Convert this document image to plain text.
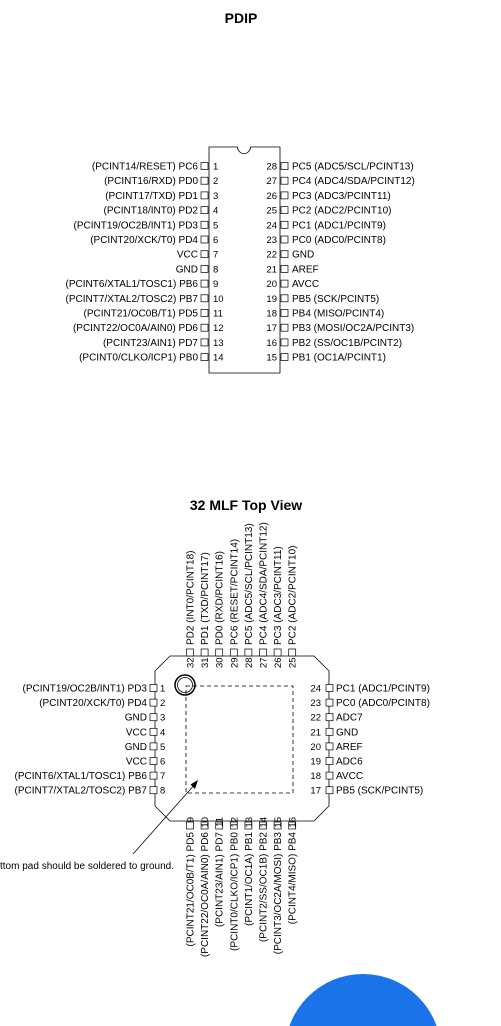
PDIP
(PCINT14/RESET) PC6 1
(PCINT16/RXD) PD0 2
(PCINT17/TXD) PD1 3
(PCINT18/INT0) PD2 4
(PCINT19/OC2B/INT1) PD3 5
(PCINT20/XCK/T0) PD4 6
VCC 7
GND 8
(PCINT6/XTAL1/TOSC1) PB6 9
(PCINT7/XTAL2/TOSC2) PB7 10
(PCINT21/OC0B/T1) PD5 11
(PCINT22/OC0A/AIN0) PD6 12
(PCINT23/AIN1) PD7 13
(PCINT0/CLKO/ICP1) PB0 14
28 PC5 (ADC5/SCL/PCINT13)
27 PC4 (ADC4/SDA/PCINT12)
26 PC3 (ADC3/PCINT11)
25 PC2 (ADC2/PCINT10)
24 PC1 (ADC1/PCINT9)
23 PC0 (ADC0/PCINT8)
22 GND
21 AREF
20 AVCC
19 PB5 (SCK/PCINT5)
18 PB4 (MISO/PCINT4)
17 PB3 (MOSI/OC2A/PCINT3)
16 PB2 (SS/OC1B/PCINT2)
15 PB1 (OC1A/PCINT1)
32 MLF Top View
(PCINT19/OC2B/INT1) PD3 1
(PCINT20/XCK/T0) PD4 2
GND 3
VCC 4
GND 5
VCC 6
(PCINT6/XTAL1/TOSC1) PB6 7
(PCINT7/XTAL2/TOSC2) PB7 8
24 PC1 (ADC1/PCINT9)
23 PC0 (ADC0/PCINT8)
22 ADC7
21 GND
20 AREF
19 ADC6
18 AVCC
17 PB5 (SCK/PCINT5)
32
PD2 (INT0/PCINT18)
31
PD1 (TXD/PCINT17)
30
PD0 (RXD/PCINT16)
29
PC6 (RESET/PCINT14)
28
PC5 (ADC5/SCL/PCINT13)
27
PC4 (ADC4/SDA/PCINT12)
26
PC3 (ADC3/PCINT11)
25
PC2 (ADC2/PCINT10)
9
(PCINT21/OC0B/T1) PD5
10
(PCINT22/OC0A/AIN0) PD6
11
(PCINT23/AIN1) PD7
12
(PCINT0/CLKO/ICP1) PB0
13
(PCINT1/OC1A) PB1
14
(PCINT2/SS/OC1B) PB2
15
(PCINT3/OC2A/MOSI) PB3
16
(PCINT4/MISO) PB4
ttom pad should be soldered to ground.
